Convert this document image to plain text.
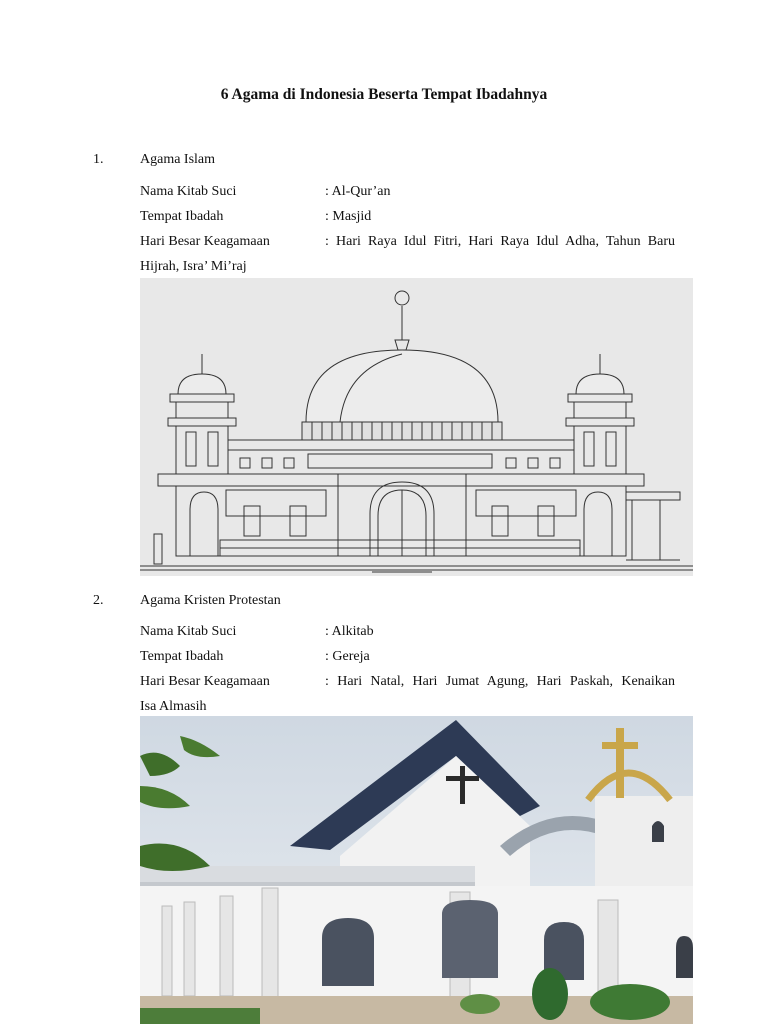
6 Agama di Indonesia Beserta Tempat Ibadahnya
1.	Agama Islam
Nama Kitab Suci	: Al-Qur’an
Tempat Ibadah	: Masjid
Hari Besar Keagamaan	: Hari Raya Idul Fitri, Hari Raya Idul Adha, Tahun Baru
Hijrah, Isra’ Mi’raj
2.	Agama Kristen Protestan
Nama Kitab Suci	: Alkitab
Tempat Ibadah	: Gereja
Hari Besar Keagamaan	: Hari Natal, Hari Jumat Agung, Hari Paskah, Kenaikan
Isa Almasih
